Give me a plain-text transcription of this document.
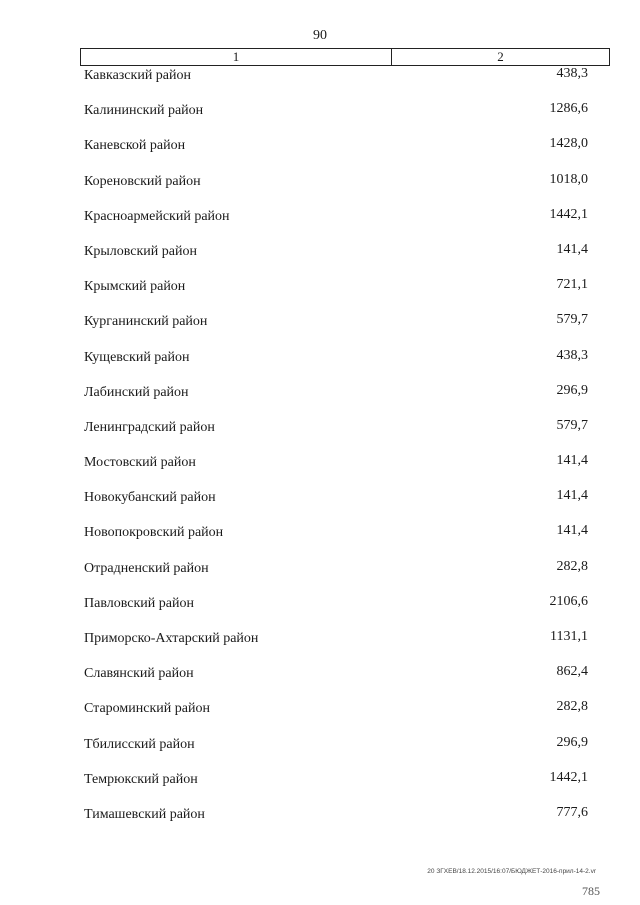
90
1	2
Кавказский район	438,3
Калининский район	1286,6
Каневской район	1428,0
Кореновский район	1018,0
Красноармейский район	1442,1
Крыловский район	141,4
Крымский район	721,1
Курганинский район	579,7
Кущевский район	438,3
Лабинский район	296,9
Ленинградский район	579,7
Мостовский район	141,4
Новокубанский район	141,4
Новопокровский район	141,4
Отрадненский район	282,8
Павловский район	2106,6
Приморско-Ахтарский район	1131,1
Славянский район	862,4
Староминский район	282,8
Тбилисский район	296,9
Темрюкский район	1442,1
Тимашевский район	777,6
20 ЗГХЕВ/18.12.2015/16:07/БЮДЖЕТ-2016-прил-14-2.vr
785
